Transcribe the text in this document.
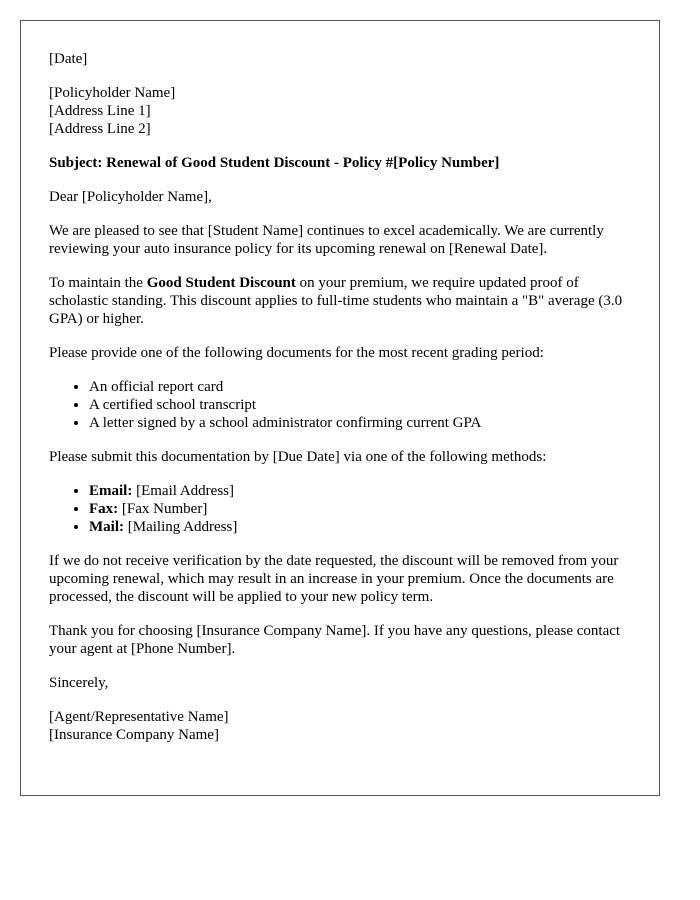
[Date]

[Policyholder Name]
[Address Line 1]
[Address Line 2]

Subject: Renewal of Good Student Discount - Policy #[Policy Number]

Dear [Policyholder Name],

We are pleased to see that [Student Name] continues to excel academically. We are currently reviewing your auto insurance policy for its upcoming renewal on [Renewal Date].

To maintain the Good Student Discount on your premium, we require updated proof of scholastic standing. This discount applies to full-time students who maintain a "B" average (3.0 GPA) or higher.

Please provide one of the following documents for the most recent grading period:

• An official report card
• A certified school transcript
• A letter signed by a school administrator confirming current GPA

Please submit this documentation by [Due Date] via one of the following methods:

• Email: [Email Address]
• Fax: [Fax Number]
• Mail: [Mailing Address]

If we do not receive verification by the date requested, the discount will be removed from your upcoming renewal, which may result in an increase in your premium. Once the documents are processed, the discount will be applied to your new policy term.

Thank you for choosing [Insurance Company Name]. If you have any questions, please contact your agent at [Phone Number].

Sincerely,

[Agent/Representative Name]
[Insurance Company Name]
